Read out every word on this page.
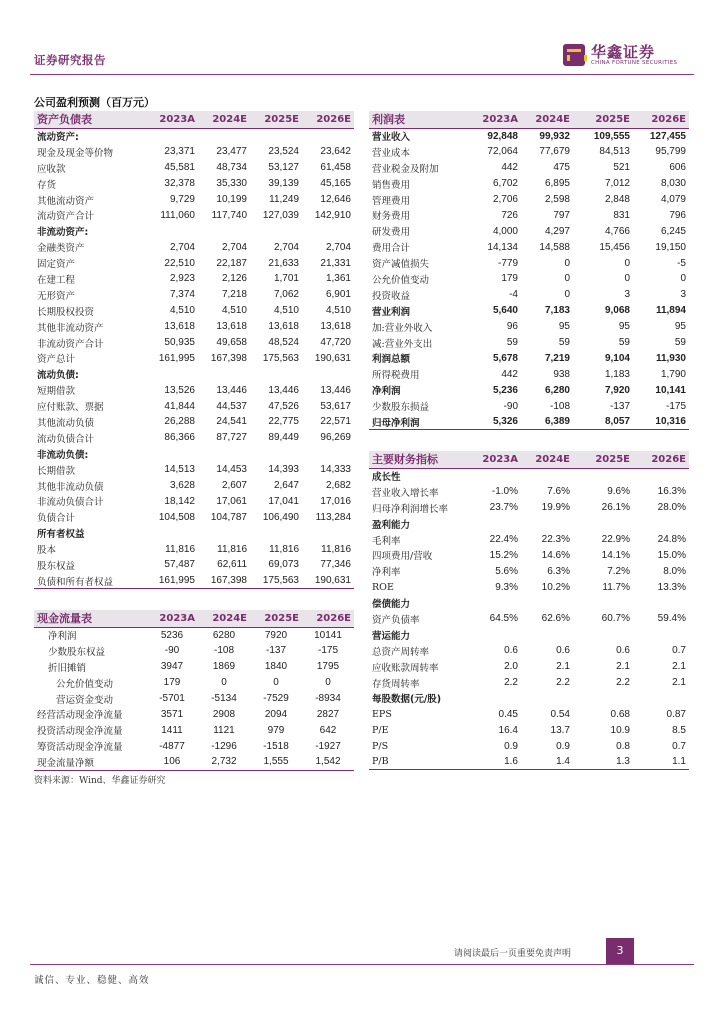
证券研究报告	华鑫证券
CHINA FORTUNE SECURITIES
公司盈利预测（百万元）
资产负债表	2023A	2024E	2025E	2026E
流动资产:				
现金及现金等价物	23,371	23,477	23,524	23,642
应收款	45,581	48,734	53,127	61,458
存货	32,378	35,330	39,139	45,165
其他流动资产	9,729	10,199	11,249	12,646
流动资产合计	111,060	117,740	127,039	142,910
非流动资产:				
金融类资产	2,704	2,704	2,704	2,704
固定资产	22,510	22,187	21,633	21,331
在建工程	2,923	2,126	1,701	1,361
无形资产	7,374	7,218	7,062	6,901
长期股权投资	4,510	4,510	4,510	4,510
其他非流动资产	13,618	13,618	13,618	13,618
非流动资产合计	50,935	49,658	48,524	47,720
资产总计	161,995	167,398	175,563	190,631
流动负债:				
短期借款	13,526	13,446	13,446	13,446
应付账款、票据	41,844	44,537	47,526	53,617
其他流动负债	26,288	24,541	22,775	22,571
流动负债合计	86,366	87,727	89,449	96,269
非流动负债:				
长期借款	14,513	14,453	14,393	14,333
其他非流动负债	3,628	2,607	2,647	2,682
非流动负债合计	18,142	17,061	17,041	17,016
负债合计	104,508	104,787	106,490	113,284
所有者权益				
股本	11,816	11,816	11,816	11,816
股东权益	57,487	62,611	69,073	77,346
负债和所有者权益	161,995	167,398	175,563	190,631
利润表	2023A	2024E	2025E	2026E
营业收入	92,848	99,932	109,555	127,455
营业成本	72,064	77,679	84,513	95,799
营业税金及附加	442	475	521	606
销售费用	6,702	6,895	7,012	8,030
管理费用	2,706	2,598	2,848	4,079
财务费用	726	797	831	796
研发费用	4,000	4,297	4,766	6,245
费用合计	14,134	14,588	15,456	19,150
资产减值损失	-779	0	0	-5
公允价值变动	179	0	0	0
投资收益	-4	0	3	3
营业利润	5,640	7,183	9,068	11,894
加:营业外收入	96	95	95	95
减:营业外支出	59	59	59	59
利润总额	5,678	7,219	9,104	11,930
所得税费用	442	938	1,183	1,790
净利润	5,236	6,280	7,920	10,141
少数股东损益	-90	-108	-137	-175
归母净利润	5,326	6,389	8,057	10,316
主要财务指标	2023A	2024E	2025E	2026E
成长性				
营业收入增长率	-1.0%	7.6%	9.6%	16.3%
归母净利润增长率	23.7%	19.9%	26.1%	28.0%
盈利能力				
毛利率	22.4%	22.3%	22.9%	24.8%
四项费用/营收	15.2%	14.6%	14.1%	15.0%
净利率	5.6%	6.3%	7.2%	8.0%
ROE	9.3%	10.2%	11.7%	13.3%
偿债能力				
资产负债率	64.5%	62.6%	60.7%	59.4%
营运能力				
总资产周转率	0.6	0.6	0.6	0.7
应收账款周转率	2.0	2.1	2.1	2.1
存货周转率	2.2	2.2	2.2	2.1
每股数据(元/股)				
EPS	0.45	0.54	0.68	0.87
P/E	16.4	13.7	10.9	8.5
P/S	0.9	0.9	0.8	0.7
P/B	1.6	1.4	1.3	1.1
现金流量表	2023A	2024E	2025E	2026E
净利润	5236	6280	7920	10141
少数股东权益	-90	-108	-137	-175
折旧摊销	3947	1869	1840	1795
公允价值变动	179	0	0	0
营运资金变动	-5701	-5134	-7529	-8934
经营活动现金净流量	3571	2908	2094	2827
投资活动现金净流量	1411	1121	979	642
筹资活动现金净流量	-4877	-1296	-1518	-1927
现金流量净额	106	2,732	1,555	1,542
资料来源：Wind、华鑫证券研究
请阅读最后一页重要免责声明	3
诚信、专业、稳健、高效
